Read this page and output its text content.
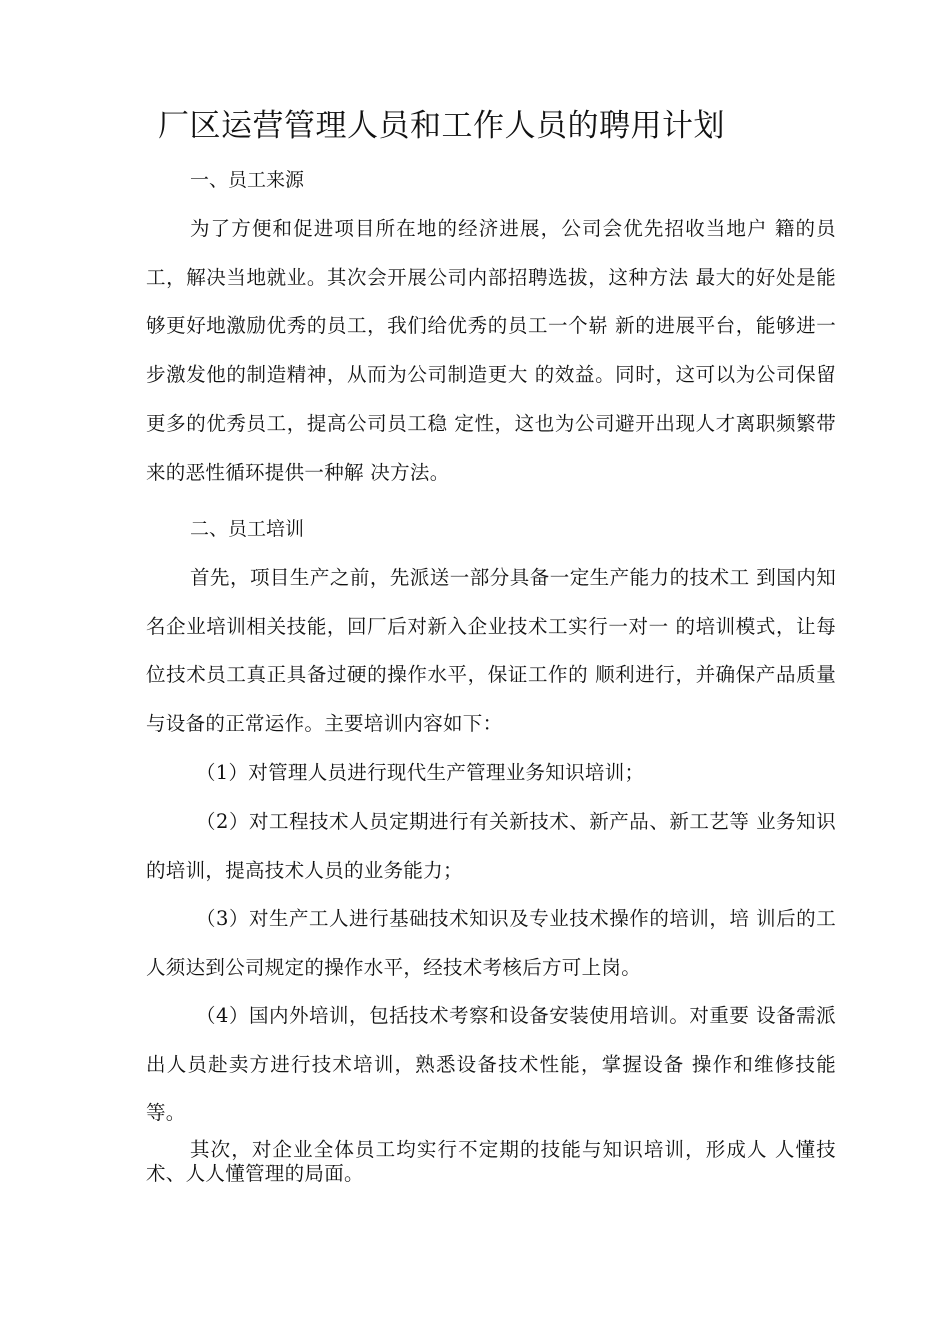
厂区运营管理人员和工作人员的聘用计划
一、员工来源
为了方便和促进项目所在地的经济进展，公司会优先招收当地户 籍的员工，解决当地就业。其次会开展公司内部招聘选拔，这种方法 最大的好处是能够更好地激励优秀的员工，我们给优秀的员工一个崭 新的进展平台，能够进一步激发他的制造精神，从而为公司制造更大 的效益。同时，这可以为公司保留更多的优秀员工，提高公司员工稳 定性，这也为公司避开出现人才离职频繁带来的恶性循环提供一种解 决方法。
二、员工培训
首先，项目生产之前，先派送一部分具备一定生产能力的技术工 到国内知名企业培训相关技能，回厂后对新入企业技术工实行一对一 的培训模式，让每位技术员工真正具备过硬的操作水平，保证工作的 顺利进行，并确保产品质量与设备的正常运作。主要培训内容如下：
（1）对管理人员进行现代生产管理业务知识培训；
（2）对工程技术人员定期进行有关新技术、新产品、新工艺等 业务知识的培训，提高技术人员的业务能力；
（3）对生产工人进行基础技术知识及专业技术操作的培训，培 训后的工人须达到公司规定的操作水平，经技术考核后方可上岗。
（4）国内外培训，包括技术考察和设备安装使用培训。对重要 设备需派出人员赴卖方进行技术培训，熟悉设备技术性能，掌握设备 操作和维修技能等。
其次，对企业全体员工均实行不定期的技能与知识培训，形成人 人懂技术、人人懂管理的局面。
